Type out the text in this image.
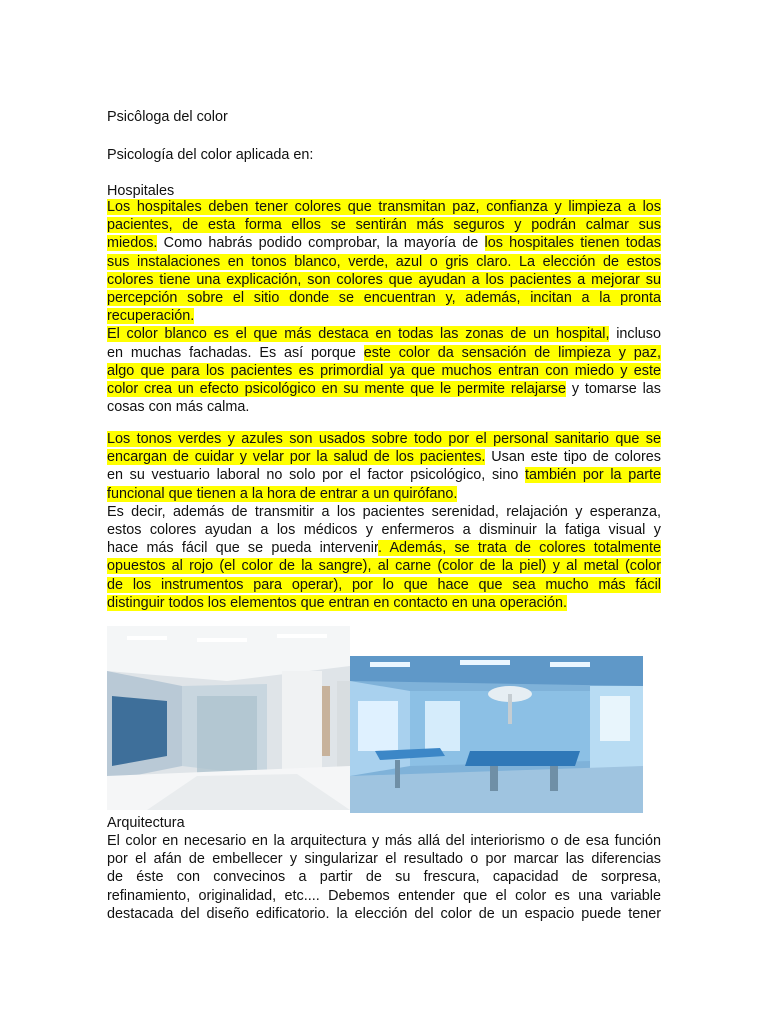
Psicôloga del color
Psicología del color aplicada en:
Hospitales
Los hospitales deben tener colores que transmitan paz, confianza y limpieza a los
pacientes, de esta forma ellos se sentirán más seguros y podrán calmar sus
miedos. Como habrás podido comprobar, la mayoría de los hospitales tienen todas
sus instalaciones en tonos blanco, verde, azul o gris claro. La elección de estos
colores tiene una explicación, son colores que ayudan a los pacientes a mejorar su
percepción sobre el sitio donde se encuentran y, además, incitan a la pronta
recuperación.
El color blanco es el que más destaca en todas las zonas de un hospital, incluso
en muchas fachadas. Es así porque este color da sensación de limpieza y paz,
algo que para los pacientes es primordial ya que muchos entran con miedo y este
color crea un efecto psicológico en su mente que le permite relajarse y tomarse las
cosas con más calma.
Los tonos verdes y azules son usados sobre todo por el personal sanitario que se
encargan de cuidar y velar por la salud de los pacientes. Usan este tipo de colores
en su vestuario laboral no solo por el factor psicológico, sino también por la parte
funcional que tienen a la hora de entrar a un quirófano.
Es decir, además de transmitir a los pacientes serenidad, relajación y esperanza,
estos colores ayudan a los médicos y enfermeros a disminuir la fatiga visual y
hace más fácil que se pueda intervenir. Además, se trata de colores totalmente
opuestos al rojo (el color de la sangre), al carne (color de la piel) y al metal (color
de los instrumentos para operar), por lo que hace que sea mucho más fácil
distinguir todos los elementos que entran en contacto en una operación.
Arquitectura
El color en necesario en la arquitectura y más allá del interiorismo o de esa función
por el afán de embellecer y singularizar el resultado o por marcar las diferencias
de éste con convecinos a partir de su frescura, capacidad de sorpresa,
refinamiento, originalidad, etc.... Debemos entender que el color es una variable
destacada del diseño edificatorio. la elección del color de un espacio puede tener
